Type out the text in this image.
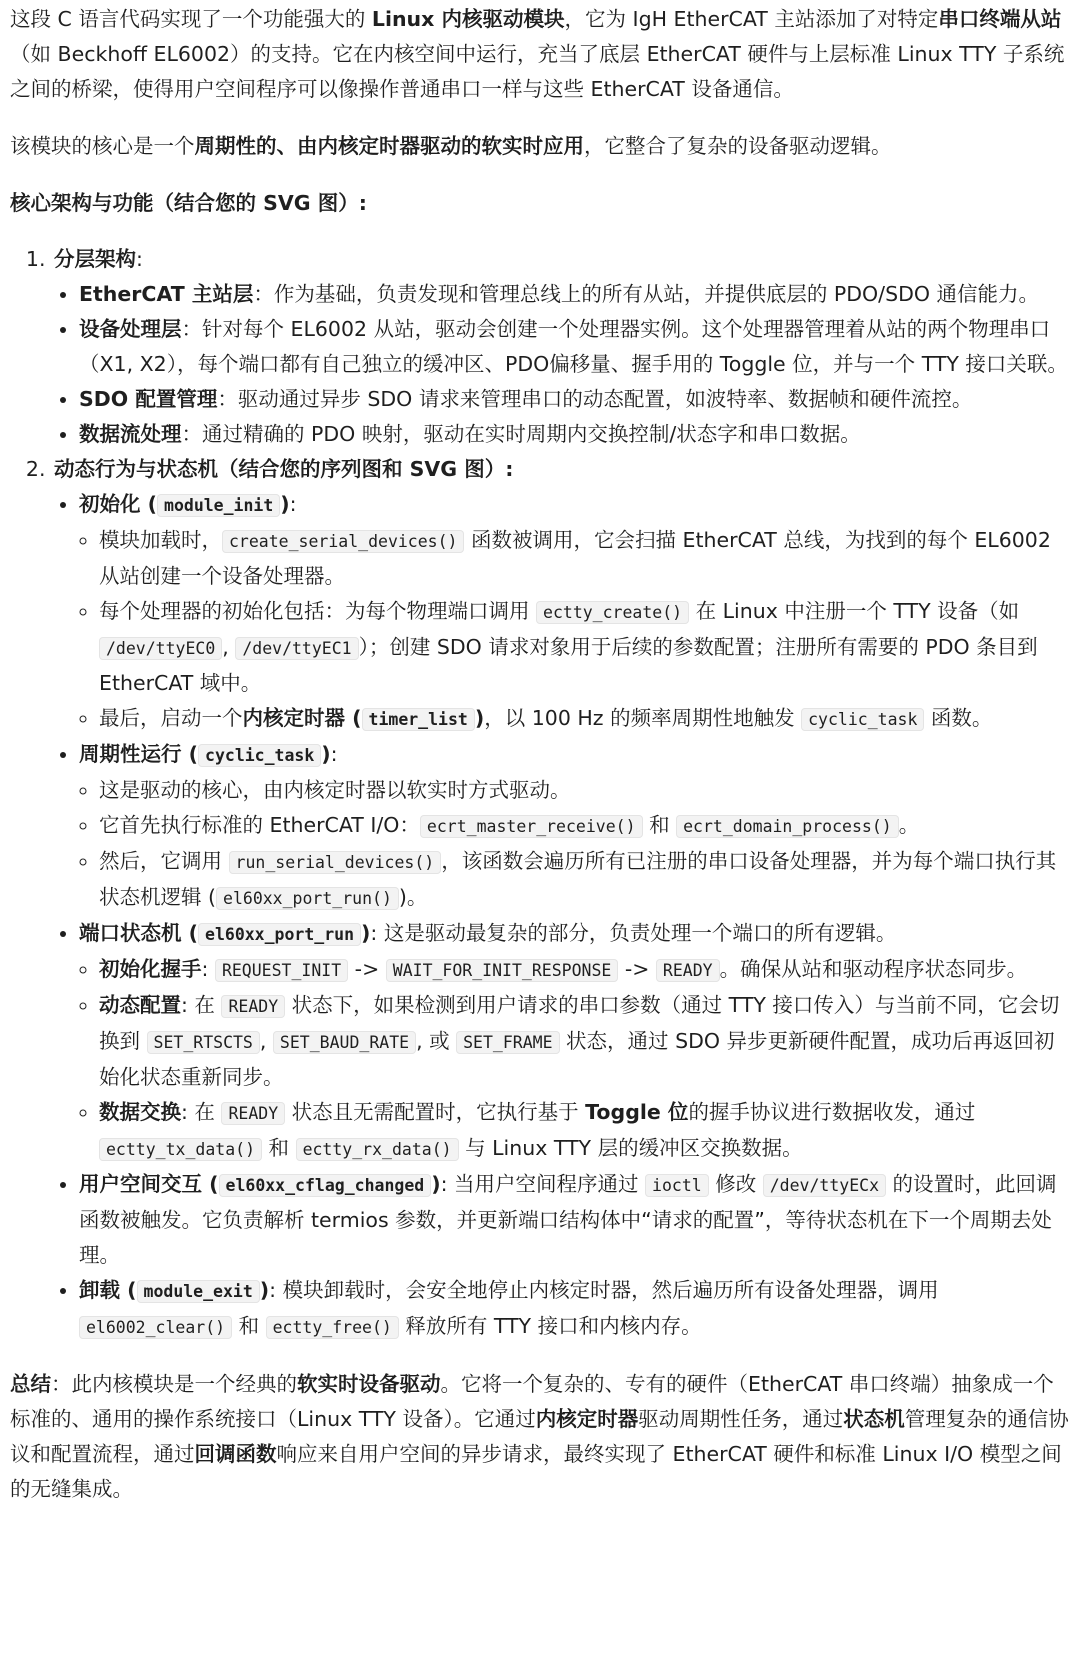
这段 C 语言代码实现了一个功能强大的 Linux 内核驱动模块，它为 IgH EtherCAT 主站添加了对特定串口终端从站（如 Beckhoff EL6002）的支持。它在内核空间中运行，充当了底层 EtherCAT 硬件与上层标准 Linux TTY 子系统之间的桥梁，使得用户空间程序可以像操作普通串口一样与这些 EtherCAT 设备通信。

该模块的核心是一个周期性的、由内核定时器驱动的软实时应用，它整合了复杂的设备驱动逻辑。

核心架构与功能（结合您的 SVG 图）:

1. 分层架构:
• EtherCAT 主站层：作为基础，负责发现和管理总线上的所有从站，并提供底层的 PDO/SDO 通信能力。
• 设备处理层：针对每个 EL6002 从站，驱动会创建一个处理器实例。这个处理器管理着从站的两个物理串口（X1, X2），每个端口都有自己独立的缓冲区、PDO偏移量、握手用的 Toggle 位，并与一个 TTY 接口关联。
• SDO 配置管理：驱动通过异步 SDO 请求来管理串口的动态配置，如波特率、数据帧和硬件流控。
• 数据流处理：通过精确的 PDO 映射，驱动在实时周期内交换控制/状态字和串口数据。
2. 动态行为与状态机（结合您的序列图和 SVG 图）:
• 初始化 ( module_init ):
◦ 模块加载时， create_serial_devices() 函数被调用，它会扫描 EtherCAT 总线，为找到的每个 EL6002 从站创建一个设备处理器。
◦ 每个处理器的初始化包括：为每个物理端口调用 ectty_create() 在 Linux 中注册一个 TTY 设备（如 /dev/ttyEC0 , /dev/ttyEC1 ）；创建 SDO 请求对象用于后续的参数配置；注册所有需要的 PDO 条目到 EtherCAT 域中。
◦ 最后，启动一个内核定时器 ( timer_list )，以 100 Hz 的频率周期性地触发 cyclic_task 函数。
• 周期性运行 ( cyclic_task ):
◦ 这是驱动的核心，由内核定时器以软实时方式驱动。
◦ 它首先执行标准的 EtherCAT I/O： ecrt_master_receive() 和 ecrt_domain_process() 。
◦ 然后，它调用 run_serial_devices() ，该函数会遍历所有已注册的串口设备处理器，并为每个端口执行其状态机逻辑 ( el60xx_port_run() )。
• 端口状态机 ( el60xx_port_run ): 这是驱动最复杂的部分，负责处理一个端口的所有逻辑。
◦ 初始化握手: REQUEST_INIT -> WAIT_FOR_INIT_RESPONSE -> READY 。确保从站和驱动程序状态同步。
◦ 动态配置: 在 READY 状态下，如果检测到用户请求的串口参数（通过 TTY 接口传入）与当前不同，它会切换到 SET_RTSCTS , SET_BAUD_RATE , 或 SET_FRAME 状态，通过 SDO 异步更新硬件配置，成功后再返回初始化状态重新同步。
◦ 数据交换: 在 READY 状态且无需配置时，它执行基于 Toggle 位的握手协议进行数据收发，通过 ectty_tx_data() 和 ectty_rx_data() 与 Linux TTY 层的缓冲区交换数据。
• 用户空间交互 ( el60xx_cflag_changed ): 当用户空间程序通过 ioctl 修改 /dev/ttyECx 的设置时，此回调函数被触发。它负责解析 termios 参数，并更新端口结构体中“请求的配置”，等待状态机在下一个周期去处理。
• 卸载 ( module_exit ): 模块卸载时，会安全地停止内核定时器，然后遍历所有设备处理器，调用 el6002_clear() 和 ectty_free() 释放所有 TTY 接口和内核内存。

总结：此内核模块是一个经典的软实时设备驱动。它将一个复杂的、专有的硬件（EtherCAT 串口终端）抽象成一个标准的、通用的操作系统接口（Linux TTY 设备）。它通过内核定时器驱动周期性任务，通过状态机管理复杂的通信协议和配置流程，通过回调函数响应来自用户空间的异步请求，最终实现了 EtherCAT 硬件和标准 Linux I/O 模型之间的无缝集成。
